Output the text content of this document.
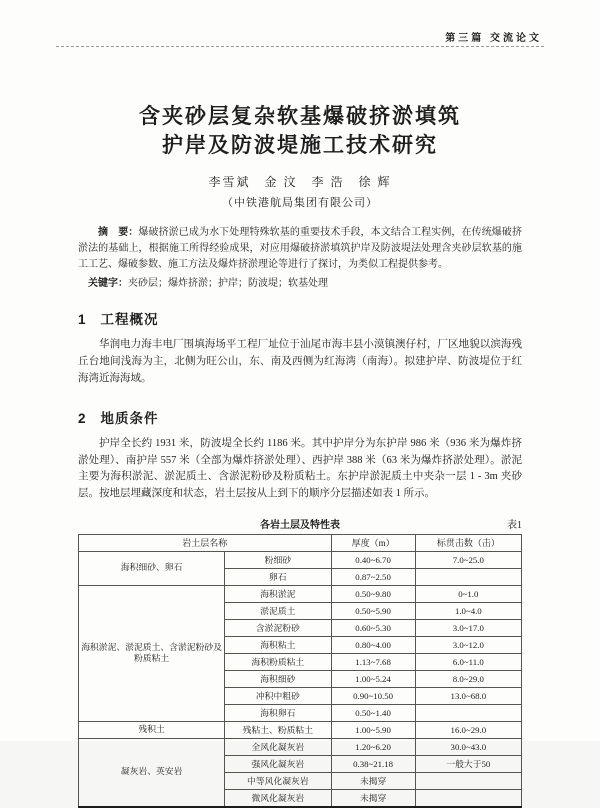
第三篇 交流论文
含夹砂层复杂软基爆破挤淤填筑
护岸及防波堤施工技术研究
李雪斌　金 汶　李 浩　徐 辉
（中铁港航局集团有限公司）

摘　要：爆破挤淤已成为水下处理特殊软基的重要技术手段，本文结合工程实例，在传统爆破挤淤法的基础上，根据施工所得经验成果，对应用爆破挤淤填筑护岸及防波堤法处理含夹砂层软基的施工工艺、爆破参数、施工方法及爆炸挤淤理论等进行了探讨，为类似工程提供参考。

关键字：夹砂层；爆炸挤淤；护岸；防波堤；软基处理

1 工程概况

华润电力海丰电厂围填海场平工程厂址位于汕尾市海丰县小漠镇澳仔村，厂区地貌以滨海残丘台地间浅海为主，北侧为旺公山，东、南及西侧为红海湾（南海）。拟建护岸、防波堤位于红海湾近海海域。

2 地质条件

护岸全长约 1931 米，防波堤全长约 1186 米。其中护岸分为东护岸 986 米（936 米为爆炸挤淤处理）、南护岸 557 米（全部为爆炸挤淤处理）、西护岸 388 米（63 米为爆炸挤淤处理）。淤泥主要为海积淤泥、淤泥质土、含淤泥粉砂及粉质粘土。东护岸淤泥质土中夹杂一层 1 - 3m 夹砂层。按地层埋藏深度和状态，岩土层按从上到下的顺序分层描述如表 1 所示。

各岩土层及特性表	表1
岩土层名称		厚度（m）	标贯击数（击）
海积细砂、卵石	粉细砂	0.40~6.70	7.0~25.0
	卵石	0.87~2.50	
海积淤泥、淤泥质土、含淤泥粉砂及粉质粘土	海积淤泥	0.50~9.80	0~1.0
	淤泥质土	0.50~5.90	1.0~4.0
	含淤泥粉砂	0.60~5.30	3.0~17.0
	海积粘土	0.80~4.00	3.0~12.0
	海积粉质粘土	1.13~7.68	6.0~11.0
	海积细砂	1.00~5.24	8.0~29.0
	冲积中粗砂	0.90~10.50	13.0~68.0
	海积卵石	0.50~1.40	
残积土	残粘土、粉质粘土	1.00~5.90	16.0~29.0
凝灰岩、英安岩	全风化凝灰岩	1.20~6.20	30.0~43.0
	强风化凝灰岩	0.38~21.18	一般大于50
	中等风化凝灰岩	未揭穿	
	微风化凝灰岩	未揭穿	
